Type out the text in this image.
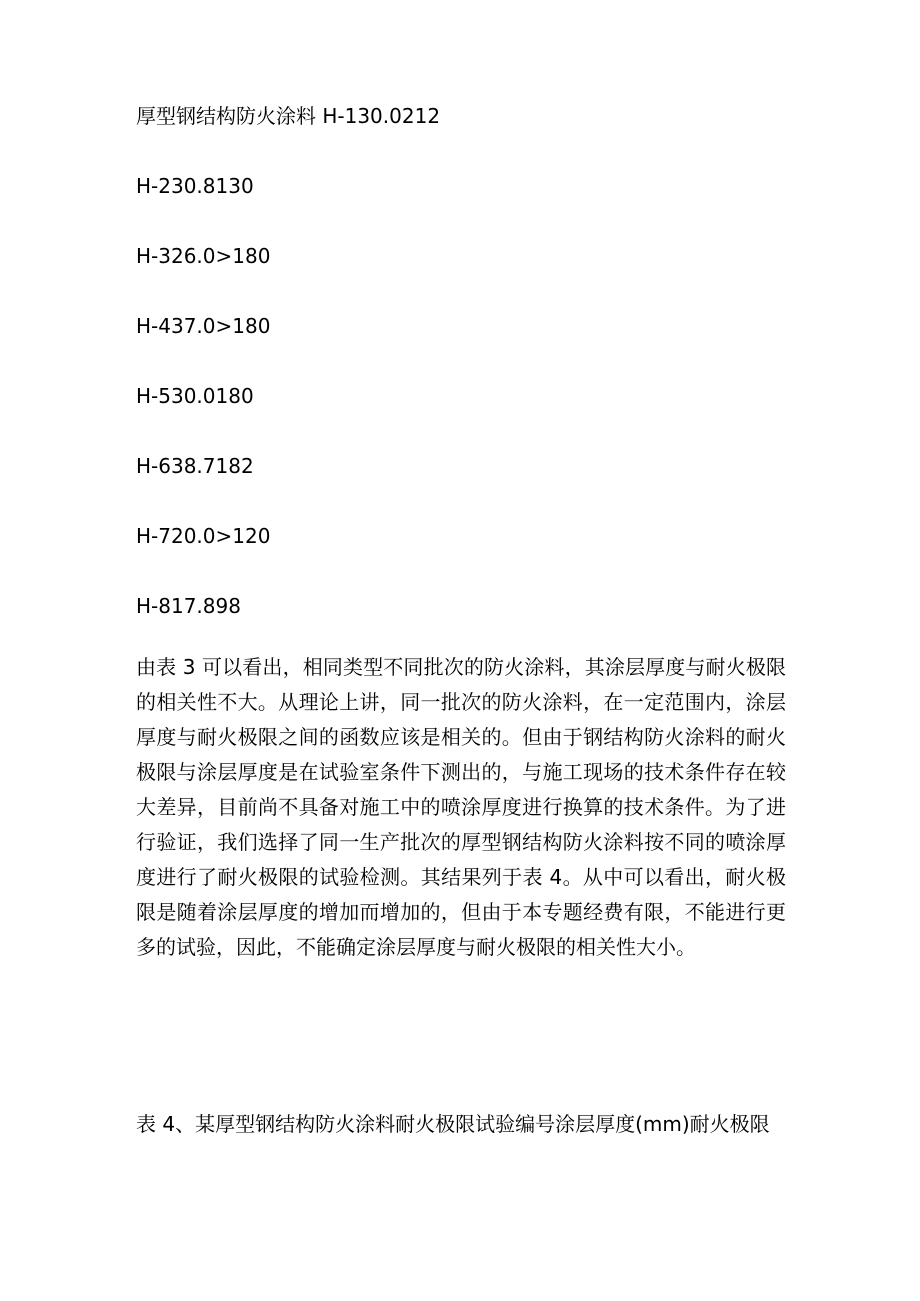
厚型钢结构防火涂料 H-130.0212
H-230.8130
H-326.0>180
H-437.0>180
H-530.0180
H-638.7182
H-720.0>120
H-817.898
由表 3 可以看出，相同类型不同批次的防火涂料，其涂层厚度与耐火极限的相关性不大。从理论上讲，同一批次的防火涂料，在一定范围内，涂层厚度与耐火极限之间的函数应该是相关的。但由于钢结构防火涂料的耐火极限与涂层厚度是在试验室条件下测出的，与施工现场的技术条件存在较大差异，目前尚不具备对施工中的喷涂厚度进行换算的技术条件。为了进行验证，我们选择了同一生产批次的厚型钢结构防火涂料按不同的喷涂厚度进行了耐火极限的试验检测。其结果列于表 4。从中可以看出，耐火极限是随着涂层厚度的增加而增加的，但由于本专题经费有限，不能进行更多的试验，因此，不能确定涂层厚度与耐火极限的相关性大小。
表 4、某厚型钢结构防火涂料耐火极限试验编号涂层厚度(mm)耐火极限
